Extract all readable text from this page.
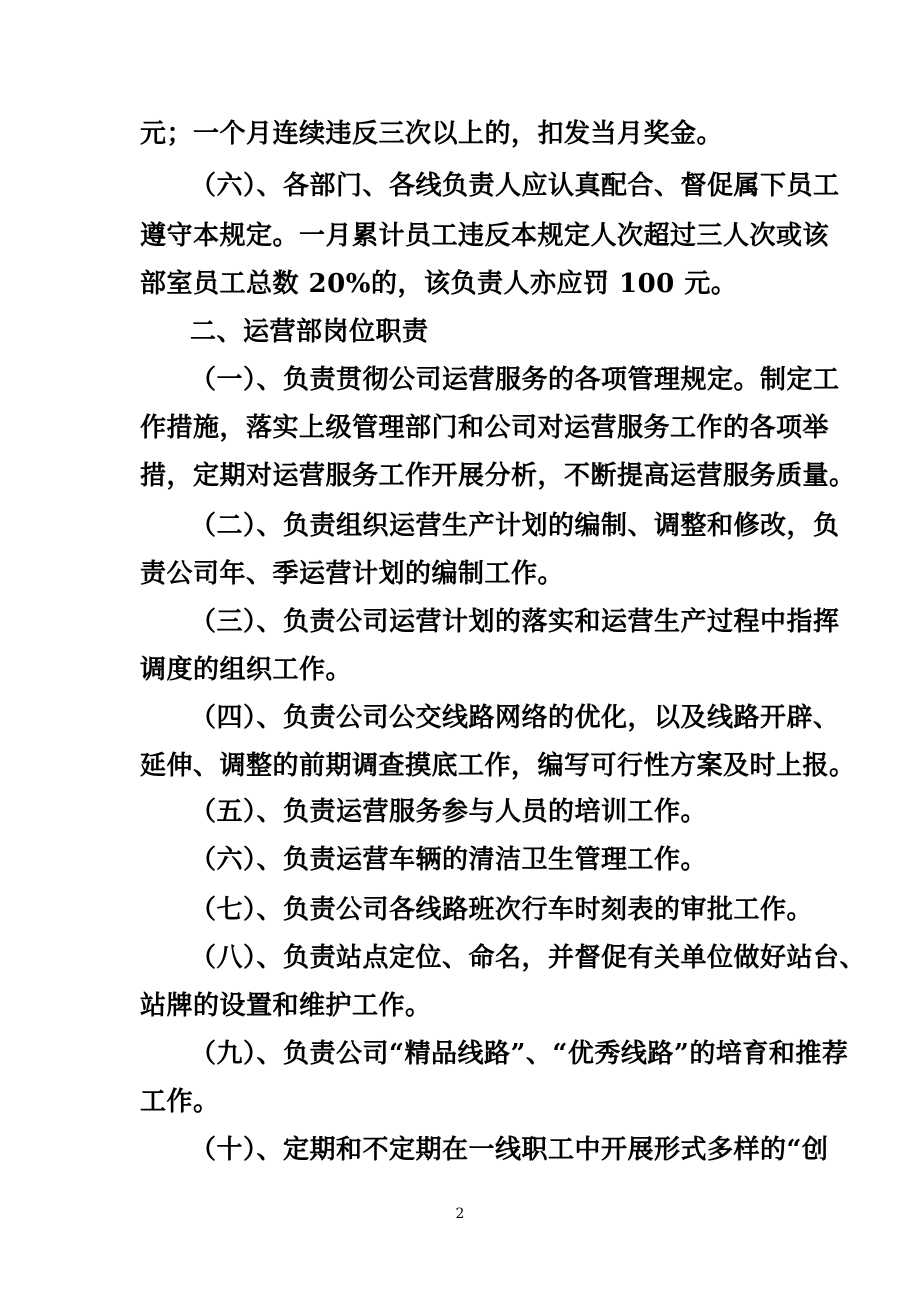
元；一个月连续违反三次以上的，扣发当月奖金。
（六）、各部门、各线负责人应认真配合、督促属下员工
遵守本规定。一月累计员工违反本规定人次超过三人次或该
部室员工总数 20%的，该负责人亦应罚 100 元。
二、运营部岗位职责
（一）、负责贯彻公司运营服务的各项管理规定。制定工
作措施，落实上级管理部门和公司对运营服务工作的各项举
措，定期对运营服务工作开展分析，不断提高运营服务质量。
（二）、负责组织运营生产计划的编制、调整和修改，负
责公司年、季运营计划的编制工作。
（三）、负责公司运营计划的落实和运营生产过程中指挥
调度的组织工作。
（四）、负责公司公交线路网络的优化，以及线路开辟、
延伸、调整的前期调查摸底工作，编写可行性方案及时上报。
（五）、负责运营服务参与人员的培训工作。
（六）、负责运营车辆的清洁卫生管理工作。
（七）、负责公司各线路班次行车时刻表的审批工作。
（八）、负责站点定位、命名，并督促有关单位做好站台、
站牌的设置和维护工作。
（九）、负责公司“精品线路”、“优秀线路”的培育和推荐
工作。
（十）、定期和不定期在一线职工中开展形式多样的“创
2
